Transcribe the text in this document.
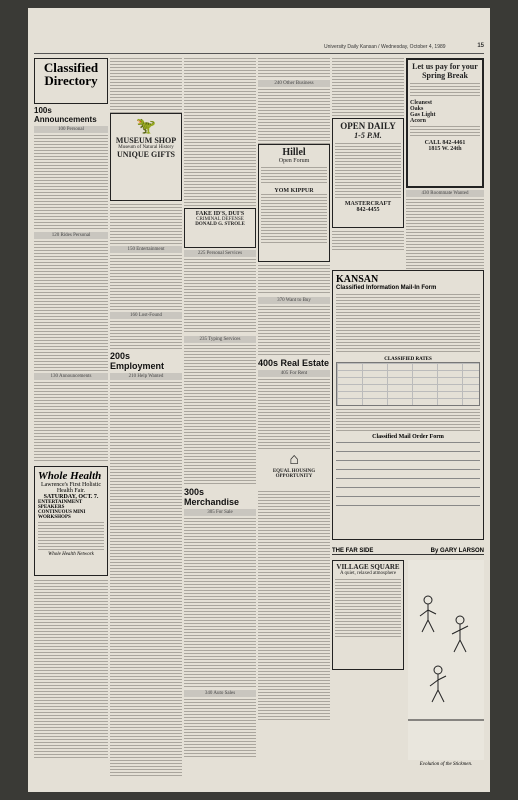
University Daily Kansan / Wednesday, October 4, 1989	15
Classified Directory
100s Announcements
100 Personal
120 Rides Personal
130 Announcements
Whole Health
Lawrence's First Holistic Health Fair.
SATURDAY, OCT. 7.
ENTERTAINMENT
SPEAKERS
CONTINUOUS MINI WORKSHOPS
Whole Health Network
🦖
MUSEUM SHOP
Museum of Natural History
UNIQUE GIFTS
150 Entertainment
160 Lost-Found
200s Employment
210 Help Wanted
FAKE ID'S, DUI'S
CRIMINAL DEFENSE
DONALD G. STROLE
225 Personal Services
235 Typing Services
300s Merchandise
305 For Sale
340 Auto Sales
240 Other Business
Hillel
Open Forum
YOM KIPPUR
370 Want to Buy
400s Real Estate
405 For Rent
⌂
EQUAL HOUSING OPPORTUNITY
OPEN DAILY
1-5 P.M.
MASTERCRAFT
842-4455
KANSAN
Classified Information Mail-In Form
CLASSIFIED RATES
Classified Mail Order Form
THE FAR SIDE	By GARY LARSON
VILLAGE SQUARE
A quiet, relaxed atmosphere
Evolution of the Stickmen.
Let us pay for your Spring Break
Cleanest
Oaks
Gas Light
Acorn
CALL 842-4461
1815 W. 24th
430 Roommate Wanted
